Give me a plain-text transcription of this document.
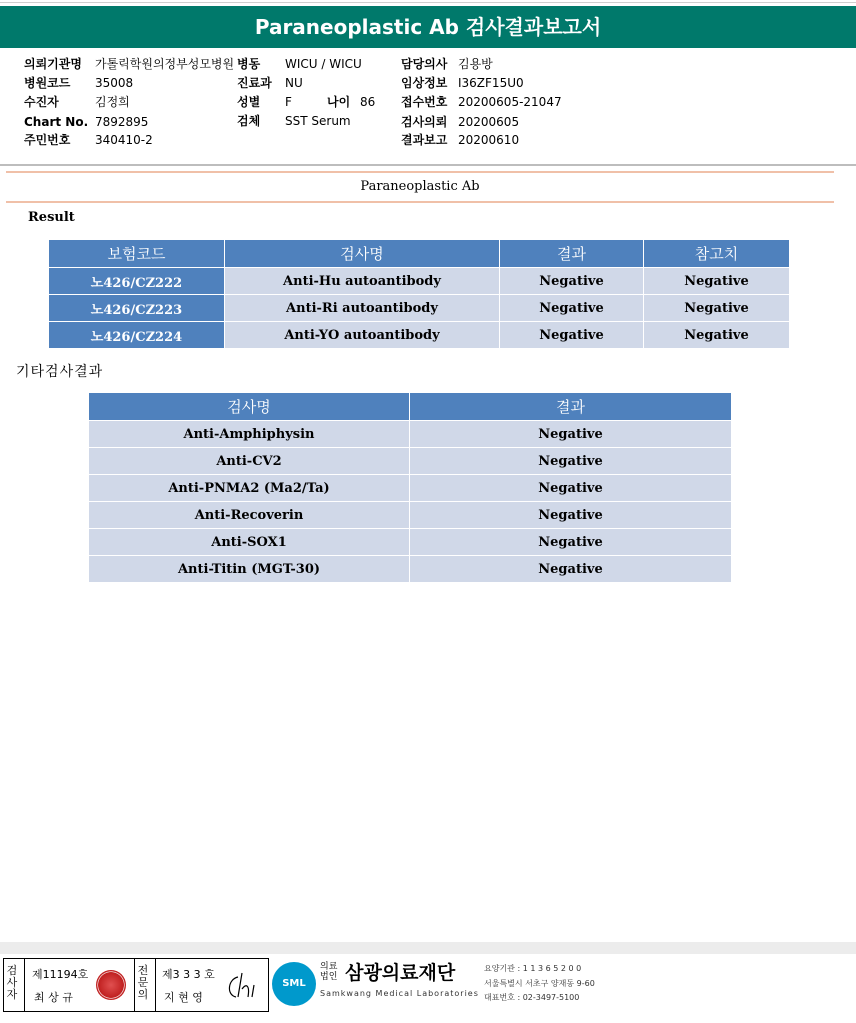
Paraneoplastic Ab 검사결과보고서
의뢰기관명 가톨릭학원의정부성모병원
병원코드 35008
수진자	김정희
Chart No. 7892895
주민번호 340410-2
병동 WICU / WICU
진료과 NU
성별 F	나이 86
검체 SST Serum
담당의사 김용방
임상정보 I36ZF15U0
접수번호 20200605-21047
검사의뢰 20200605
결과보고 20200610
Paraneoplastic Ab
Result
보험코드	검사명	결과	참고치
노426/CZ222	Anti-Hu autoantibody	Negative	Negative
노426/CZ223	Anti-Ri autoantibody	Negative	Negative
노426/CZ224	Anti-YO autoantibody	Negative	Negative
기타검사결과
검사명	결과
Anti-Amphiphysin	Negative
Anti-CV2	Negative
Anti-PNMA2 (Ma2/Ta)	Negative
Anti-Recoverin	Negative
Anti-SOX1	Negative
Anti-Titin (MGT-30)	Negative
검사자
제11194호
최 상 규
전문의
제3 3 3 호
지 현 영
SML
의료법인 삼광의료재단
Samkwang Medical Laboratories
요양기관 : 1 1 3 6 5 2 0 0
서울특별시 서초구 양재동 9-60
대표번호 : 02-3497-5100
